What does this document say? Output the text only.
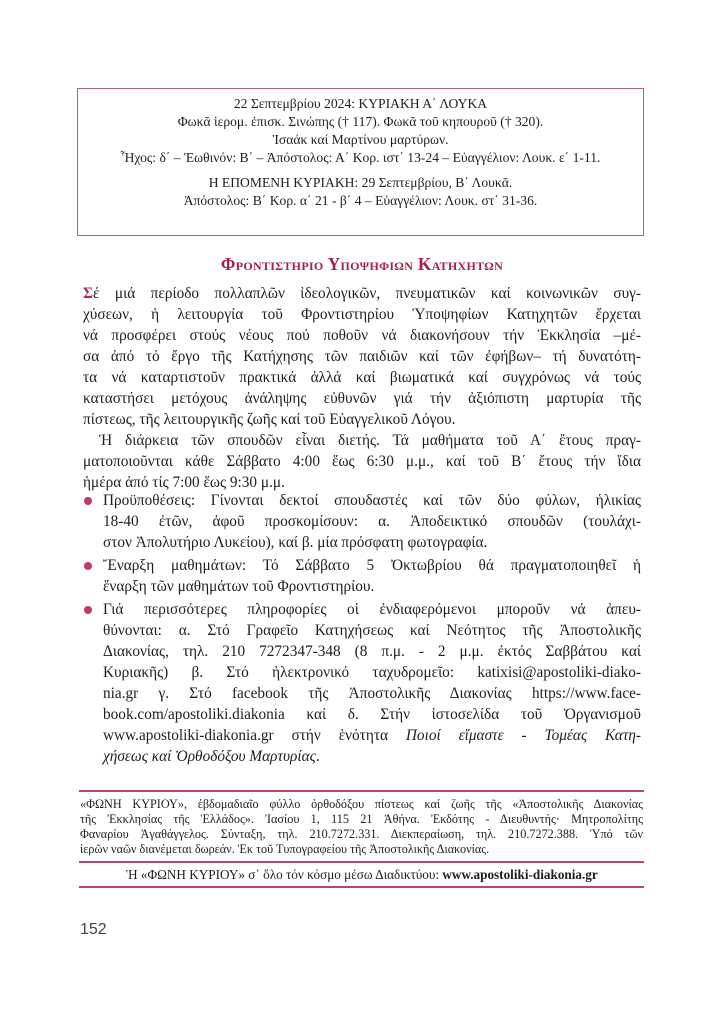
22 Σεπτεμβρίου 2024: ΚΥΡΙΑΚΗ Α΄ ΛΟΥΚΑ
Φωκᾶ ἱερομ. ἐπισκ. Σινώπης († 117). Φωκᾶ τοῦ κηπουροῦ († 320).
Ἰσαάκ καί Μαρτίνου μαρτύρων.
Ἦχος: δ΄ – Ἑωθινόν: Β΄ – Ἀπόστολος: Α΄ Κορ. ιστ΄ 13-24 – Εὐαγγέλιον: Λουκ. ε΄ 1-11.
Η ΕΠΟΜΕΝΗ ΚΥΡΙΑΚΗ: 29 Σεπτεμβρίου, Β΄ Λουκᾶ.
Ἀπόστολος: Β΄ Κορ. α΄ 21 - β΄ 4 – Εὐαγγέλιον: Λουκ. στ΄ 31-36.
Φροντιστηριο Υποψηφιων Κατηχητων
Σέ μιά περίοδο πολλαπλῶν ἰδεολογικῶν, πνευματικῶν καί κοινωνικῶν συγ-
χύσεων, ἡ λειτουργία τοῦ Φροντιστηρίου Ὑποψηφίων Κατηχητῶν ἔρχεται
νά προσφέρει στούς νέους πού ποθοῦν νά διακονήσουν τήν Ἐκκλησία –μέ-
σα ἀπό τό ἔργο τῆς Κατήχησης τῶν παιδιῶν καί τῶν ἐφήβων– τή δυνατότη-
τα νά καταρτιστοῦν πρακτικά ἀλλά καί βιωματικά καί συγχρόνως νά τούς
καταστήσει μετόχους ἀνάληψης εὐθυνῶν γιά τήν ἀξιόπιστη μαρτυρία τῆς
πίστεως, τῆς λειτουργικῆς ζωῆς καί τοῦ Εὐαγγελικοῦ Λόγου.
Ἡ διάρκεια τῶν σπουδῶν εἶναι διετής. Τά μαθήματα τοῦ Α΄ ἔτους πραγ-
ματοποιοῦνται κάθε Σάββατο 4:00 ἕως 6:30 μ.μ., καί τοῦ Β΄ ἔτους τήν ἴδια
ἡμέρα ἀπό τίς 7:00 ἕως 9:30 μ.μ.
Προϋποθέσεις: Γίνονται δεκτοί σπουδαστές καί τῶν δύο φύλων, ἡλικίας
18-40 ἐτῶν, ἀφοῦ προσκομίσουν: α. Ἀποδεικτικό σπουδῶν (τουλάχι-
στον Ἀπολυτήριο Λυκείου), καί β. μία πρόσφατη φωτογραφία.
Ἔναρξη μαθημάτων: Τό Σάββατο 5 Ὀκτωβρίου θά πραγματοποιηθεῖ ἡ
ἔναρξη τῶν μαθημάτων τοῦ Φροντιστηρίου.
Γιά περισσότερες πληροφορίες οἱ ἐνδιαφερόμενοι μποροῦν νά ἀπευ-
θύνονται: α. Στό Γραφεῖο Κατηχήσεως καί Νεότητος τῆς Ἀποστολικῆς
Διακονίας, τηλ. 210 7272347-348 (8 π.μ. - 2 μ.μ. ἐκτός Σαββάτου καί
Κυριακῆς) β. Στό ἠλεκτρονικό ταχυδρομεῖο: katixisi@apostoliki-diako-
nia.gr γ. Στό facebook τῆς Ἀποστολικῆς Διακονίας https://www.face-
book.com/apostoliki.diakonia καί δ. Στήν ἱστοσελίδα τοῦ Ὀργανισμοῦ
www.apostoliki-diakonia.gr στήν ἑνότητα Ποιοί εἴμαστε - Τομέας Κατη-
χήσεως καί Ὀρθοδόξου Μαρτυρίας.
«ΦΩΝΗ ΚΥΡΙΟΥ», ἑβδομαδιαῖο φύλλο ὀρθοδόξου πίστεως καί ζωῆς τῆς «Ἀποστολικῆς Διακονίας
τῆς Ἐκκλησίας τῆς Ἑλλάδος». Ἰασίου 1, 115 21 Ἀθήνα. Ἐκδότης - Διευθυντής· Μητροπολίτης
Φαναρίου Ἀγαθάγγελος. Σύνταξη, τηλ. 210.7272.331. Διεκπεραίωση, τηλ. 210.7272.388. Ὑπό τῶν
ἱερῶν ναῶν διανέμεται δωρεάν. Ἐκ τοῦ Τυπογραφείου τῆς Ἀποστολικῆς Διακονίας.
Ἡ «ΦΩΝΗ ΚΥΡΙΟΥ» σ᾽ ὅλο τόν κόσμο μέσω Διαδικτύου: www.apostoliki-diakonia.gr
152
